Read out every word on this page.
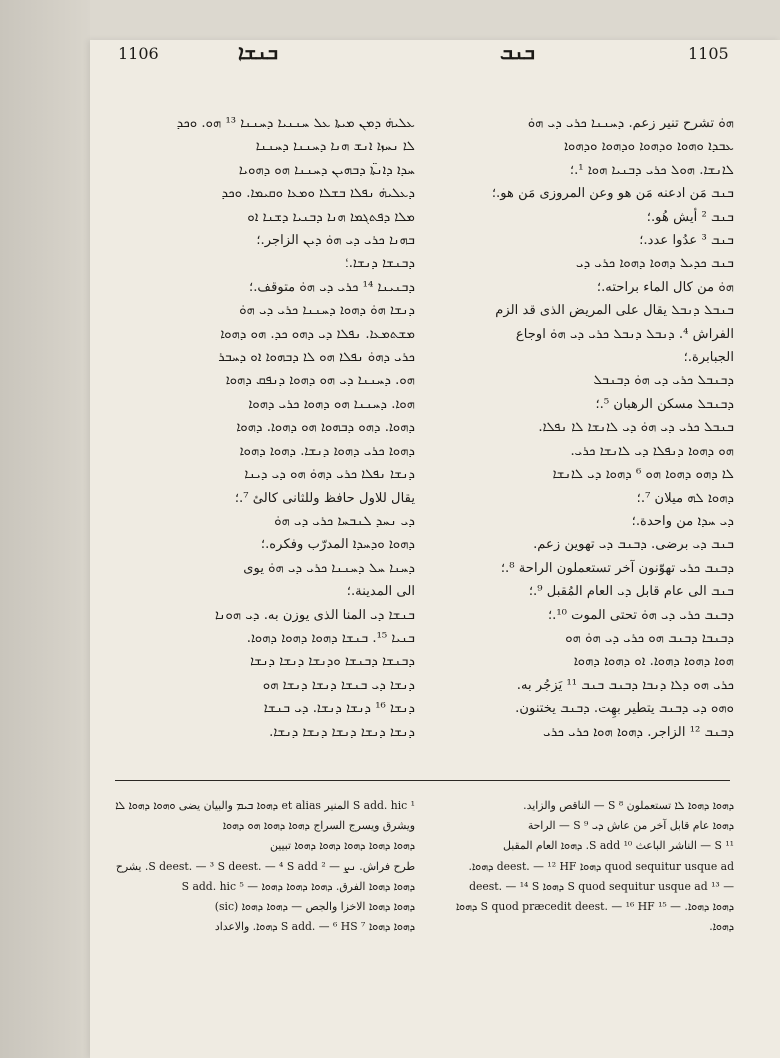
1106	ܒܢܫܐ	ܒܢܒ	1105

ܥܠܝܗ̇ ܕܡܢ ܡܝܬܐ ܥܠ ܚܢܢܝܐ ܕܚܢܢܐ ¹³ ܗܘ. ܘܟܕ

ܠܐ ܢܚܙܐ ܐܢܫ ܗܢܐ ܕܚܢܢܐ ܕܚܢܢܐ

ܚܕܐ ܕܐܢܬ̈ܐ ܕܒܗܝܢ ܕܚܢܢܐ ܗܘ ܕܗܘܝܐ

ܕܥܠܝܗ̇ ܢܦܠܐ ܒܫܠܐ ܘܡܥܐ ܘܩܝܡܐ. ܘܟܕ

ܡܠܐ ܕܦܬܓܡܐ ܗܢܐ ܕܒܢܝܐ ܕܫܢܐ ܐܘ

ܒܗܢܐ ܟܪܝ ܕܝ ܗܘ̇ ܕܝܢ الزاجر.؛

ܕܒܢܫܐ ܕܢܫܐ.؛

ܕܒܢܝܢܐ ¹⁴ ܟܪܝ ܕܝ ܗܘ̇ متوقف.؛

ܕܢܫܐ ܗܘ̇ ܕܗܘܐ ܕܚܢܢܐ ܟܪܝ ܕܝ ܗܘ̇

ܡܫܬܡܥܐ. ܢܦܠܐ ܕܝ ܕܗܘ ܟܕ. ܗܘ ܕܗܘܐ

ܟܪܝ ܕܗܘ̇ ܢܦܠܐ ܗܘ ܠܐ ܕܒܗܘܐ ܐܘ ܕܚܒܪ

ܗܘ. ܕܚܢܢܐ ܕܝ ܗܘ ܕܗܘܐ ܕܢܦܩ ܕܗܘܐ

ܗܘܐ. ܕܚܢܢܐ ܗܘ ܕܗܘܐ ܟܪܝ ܕܗܘܐ

ܕܗܘܐ. ܕܗܘ ܕܒܗܘܐ ܗܘ ܕܗܘܐ. ܕܗܘܐ

ܕܗܘܐ ܟܪܝ ܕܗܘܐ ܕܢܫܐ. ܕܗܘܐ ܕܗܘܐ

ܕܢܫܐ ܢܦܠܐ ܟܪܝ ܕܗܘ̇ ܗܘ ܕܝ ܕܝܢܐ

يقال للاول حافظ وللثانى كالئ ⁷.؛

ܕܝ ܢܚܕ ܠܢܒܚܐ ܟܪܝ ܕܝ ܗܘ̇

ܕܗܘܐ ܘܕܚܕܐ المدرّب وفكره.؛

ܕܚܢܐ ܚܠ ܕܚܢܢܐ ܟܪܝ ܕܝ ܗܘ̇ يوى

الى المدينة.؛

ܒܢܫܐ ܕܝ المنا الذى يوزن به. ܕܝ ܗܘܢܐ

ܒܢܝܐ ¹⁵. ܒܢܫܐ ܕܗܘܐ ܕܗܘܐ ܕܗܘܐ.

ܕܒܢܫܐ ܕܒܢܫܐ ܘܕܢܫܐ ܕܢܫܐ ܕܢܫܐ

ܕܢܫܐ ܕܝ ܒܢܫܐ ܕܢܫܐ ܕܢܫܐ ܗܘ

ܕܢܫܐ ¹⁶ ܕܢܫܐ ܕܢܫܐ. ܕܝ ܒܢܫܐ

ܕܢܫܐ ܕܢܫܐ ܕܢܫܐ ܕܢܫܐ ܕܢܫܐ.

ܗܘ̇ تشرح تنير زعم. ܕܚܢܢܐ ܟܪܝ ܕܝ ܗܘ̇

ܥܒܕܐ ܘܗܘܐ ܘܕܗܘܐ ܘܕܗܘܐ ܘܕܗܘܐ

ܠܐܢܫܐ. ܗܘܠ ܟܪܝ ܕܒܢܝܐ ܗܘܐ ¹.؛

ܒܢܒ مَن ادعنه مَن هو وعن المروزى مَن هو.؛

ܒܢܒ ² أيش هُو.؛

ܒܢܒ ³ عدُوا عدد.؛

ܒܢܒ ܟܕܝܠ ܕܗܘܐ ܕܗܘܐ ܟܪܝ ܕܝ

ܗܘ̇ من كال الماء براحته.؛

ܒܢܒܠ ܕܢܒܠ يقال على المريض الذى قد الزم

الفراش ⁴. ܕܢܒܠ ܕܢܒܠ ܟܪܝ ܕܝ ܗܘ̇ اوجاع

الجبابرة.؛

ܕܒܢܒܠ ܟܪܝ ܕܝ ܗܘ̇ ܕܒܢܒܠ

ܕܒܢܒܠ مسكن الرهبان ⁵.؛

ܒܢܒܠ ܟܪܝ ܕܝ ܗܘ̇ ܕܝ ܠܐܢܫܐ ܠܐ ܢܦܠܐ.

ܗܘ ܕܗܘܐ ܕܢܦܠܐ ܕܝ ܠܐܢܫܐ ܟܪܝ.

ܠܐ ܕܗܘ ܕܗܘܐ ܗܘ ⁶ ܕܗܘܐ ܕܝ ܠܐܢܫܐ

ܕܗܘܐ ܠܗ ميلان ⁷.؛

ܕܝ ܚܕܐ من واحدة.؛

ܒܢܒ ܕܝ برضى. ܕܒܢܒ ܕܝ تهوين زعم.

ܕܒܢܒ ܟܪܝ تهوّنون آخر تستعملون الراحة ⁸.؛

ܒܢܒ الى عام قابل ܕܝ العام المُقبل ⁹.؛

ܕܒܢܒ ܟܪܝ ܕܝ ܗܘ̇ تحتى الموت ¹⁰.؛

ܕܒܢܒܐ ܕܒܢܒ ܗܘ ܟܪܝ ܕܝ ܗܘ̇ ܗܘ

ܗܘܐ ܕܗܘܐ ܕܗܘܐ. ܐܘ ܕܗܘܐ ܕܗܘܐ

ܟܪܝ ܗܘ ܕܠܐ ܕܢܒܐ ܕܒܢܒ ܒܢܒ ¹¹ يَزجُر به.

ܘܗܘ ܕܝ ܕܒܢܒ يتطير بهِت. ܕܒܢܒ يختنون.

ܕܒܢܒ ¹² الزاجر. ܕܗܘܐ ܗܘܐ ܟܪܝ ܟܪܝ

¹ S add. hic المنير et alias ܕܗܘܐ ܒܝܡ والبيان يضى ܘܗܘܐ ܕܗܘܐ ܠܐ

ويشرق ويسرج السراج ܕܗܘܐ ܕܗܘܐ ܗܘ ܕܗܘܐ

ܕܗܘܐ ܕܗܘܐ ܕܗܘܐ ܕܗܘܐ ܕܗܘܐ تبيين

طرح فراش. ܢܨ — ² S deest. — ³ S deest. — ⁴ S add. يشرح

ܕܗܘܐ ܕܗܘܐ الفرق. ܕܗܘܐ ܕܗܘܐ ܕܗܘܐ — ⁵ S add. hic

ܕܗܘܐ ܕܗܘܐ الاخزا والجص — ܕܗܘܐ ܕܗܘܐ (sic)

ܕܗܘܐ ܕܗܘܐ ⁷ S add. — ⁶ HS ܕܗܘܐ. والاعداد

ܕܗܘܐ ܕܗܘܐ ܠܐ تستعملون ⁸ S — الناقص والزايد.

ܕܗܘܐ عام قابل آخر من عاش ܕܝ ⁹ S — الراحة

¹¹ S — الناشر الباعث ¹⁰ S add. ܕܗܘܐ العام المقبل

quod sequitur usque ad ܕܗܘܐ deest. — ¹² HF ܕܗܘܐ.

— ¹³ S quod sequitur usque ad ܕܗܘܐ deest. — ¹⁴ S

ܕܗܘܐ ܕܗܘܐ. — ¹⁵ S quod præcedit deest. — ¹⁶ HF ܕܗܘܐ

ܕܗܘܐ.
